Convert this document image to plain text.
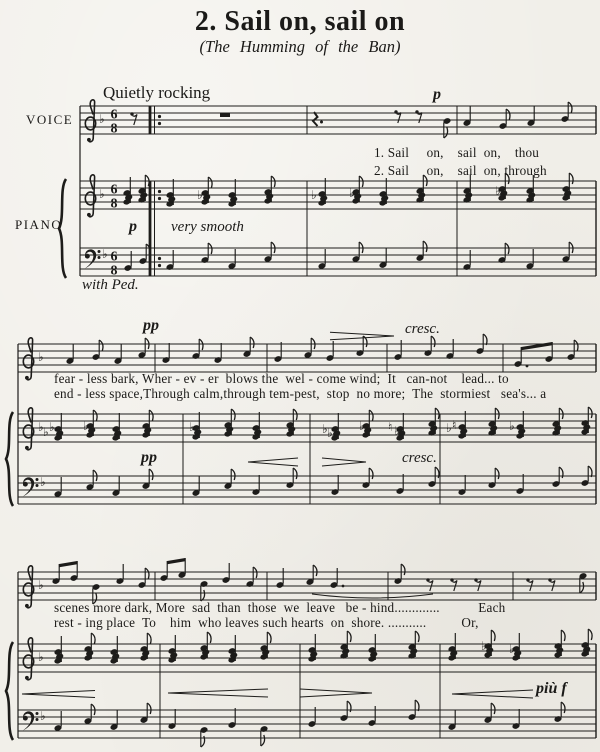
♭ 6
8
♭ 6
8
♭ 6
8
♭	♭	♭	♭
♭
♭
♭
♭
♭	♭	♭	♭ ♭ ♭ ♭	♭	♭
♮	♮
♭
♭
♭
♭ ♭
2. Sail on, sail on
(The Humming of the Ban)
Quietly rocking
VOICE
p
1. Sail     on,    sail  on,    thou
2. Sail     on,    sail  on, through
PIANO	p very smooth
with Ped.
pp	cresc.
fear - less bark, Wher - ev - er  blows the  wel - come wind;  It   can-not    lead... to
end - less space,Through calm,through tem-pest,  stop  no more;  The  stormiest   sea's... a
pp	cresc.
scenes more dark, More  sad  than  those  we  leave   be - hind.............           Each
rest - ing place  To    him  who leaves such hearts  on  shore. ...........          Or,
più f
